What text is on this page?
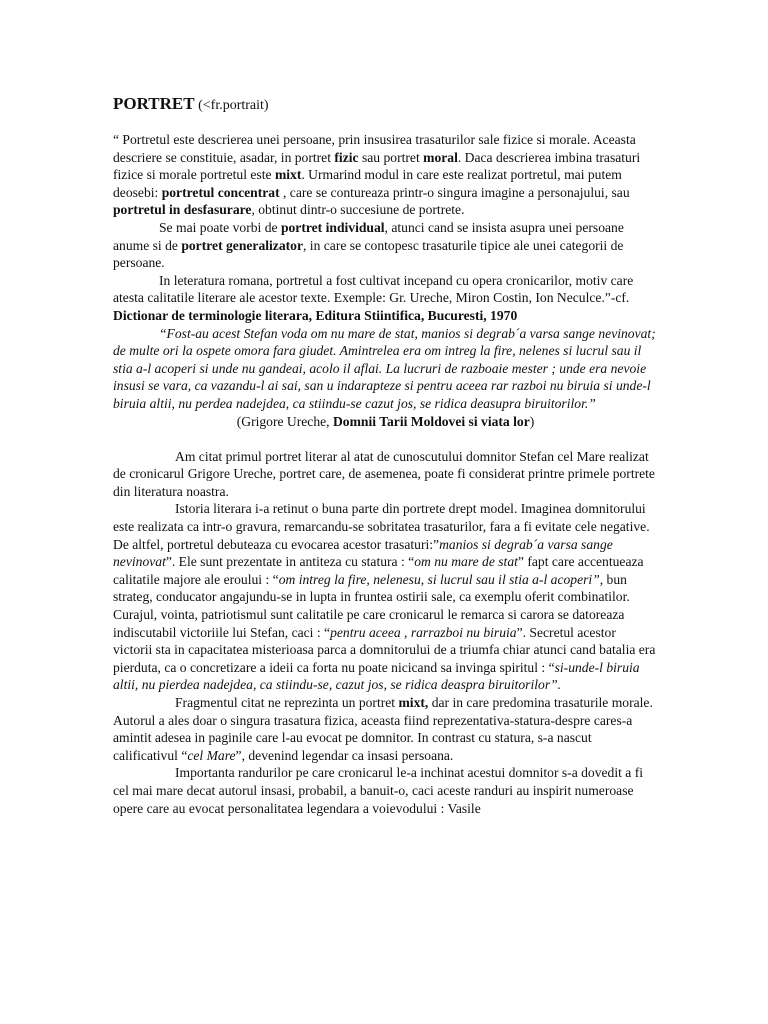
PORTRET (<fr.portrait)

“ Portretul este descrierea unei persoane, prin insusirea trasaturilor sale fizice si morale. Aceasta descriere se constituie, asadar, in portret fizic sau portret moral. Daca descrierea imbina trasaturi fizice si morale portretul este mixt. Urmarind modul in care este realizat portretul, mai putem deosebi: portretul concentrat , care se contureaza printr-o singura imagine a personajului, sau portretul in desfasurare, obtinut dintr-o succesiune de portrete.

Se mai poate vorbi de portret individual, atunci cand se insista asupra unei persoane anume si de portret generalizator, in care se contopesc trasaturile tipice ale unei categorii de persoane.

In leteratura romana, portretul a fost cultivat incepand cu opera cronicarilor, motiv care atesta calitatile literare ale acestor texte. Exemple: Gr. Ureche, Miron Costin, Ion Neculce.”-cf. Dictionar de terminologie literara, Editura Stiintifica, Bucuresti, 1970

“Fost-au acest Stefan voda om nu mare de stat, manios si degrab´a varsa sange nevinovat; de multe ori la ospete omora fara giudet. Amintrelea era om intreg la fire, nelenes si lucrul sau il stia a-l acoperi si unde nu gandeai, acolo il aflai. La lucruri de razboaie mester ; unde era nevoie insusi se vara, ca vazandu-l ai sai, san u indarapteze si pentru aceea rar razboi nu biruia si unde-l biruia altii, nu perdea nadejdea, ca stiindu-se cazut jos, se ridica deasupra biruitorilor.”

(Grigore Ureche, Domnii Tarii Moldovei si viata lor)

Am citat primul portret literar al atat de cunoscutului domnitor Stefan cel Mare realizat de cronicarul Grigore Ureche, portret care, de asemenea, poate fi considerat printre primele portrete din literatura noastra.

Istoria literara i-a retinut o buna parte din portrete drept model. Imaginea domnitorului este realizata ca intr-o gravura, remarcandu-se sobritatea trasaturilor, fara a fi evitate cele negative. De altfel, portretul debuteaza cu evocarea acestor trasaturi:”manios si degrab´a varsa sange nevinovat”. Ele sunt prezentate in antiteza cu statura : “om nu mare de stat” fapt care accentueaza calitatile majore ale eroului : “om intreg la fire, nelenesu, si lucrul sau il stia a-l acoperi”, bun strateg, conducator angajundu-se in lupta in fruntea ostirii sale, ca exemplu oferit combinatilor. Curajul, vointa, patriotismul sunt calitatile pe care cronicarul le remarca si carora se datoreaza indiscutabil victoriile lui Stefan, caci : “pentru aceea , rarrazboi nu biruia”. Secretul acestor victorii sta in capacitatea misterioasa parca a domnitorului de a triumfa chiar atunci cand batalia era pierduta, ca o concretizare a ideii ca forta nu poate nicicand sa invinga spiritul : “si-unde-l biruia altii, nu pierdea nadejdea, ca stiindu-se, cazut jos, se ridica deaspra biruitorilor”.

Fragmentul citat ne reprezinta un portret mixt, dar in care predomina trasaturile morale. Autorul a ales doar o singura trasatura fizica, aceasta fiind reprezentativa-statura-despre cares-a amintit adesea in paginile care l-au evocat pe domnitor. In contrast cu statura, s-a nascut calificativul “cel Mare”, devenind legendar ca insasi persoana.

Importanta randurilor pe care cronicarul le-a inchinat acestui domnitor s-a dovedit a fi cel mai mare decat autorul insasi, probabil, a banuit-o, caci aceste randuri au inspirit numeroase opere care au evocat personalitatea legendara a voievodului : Vasile
